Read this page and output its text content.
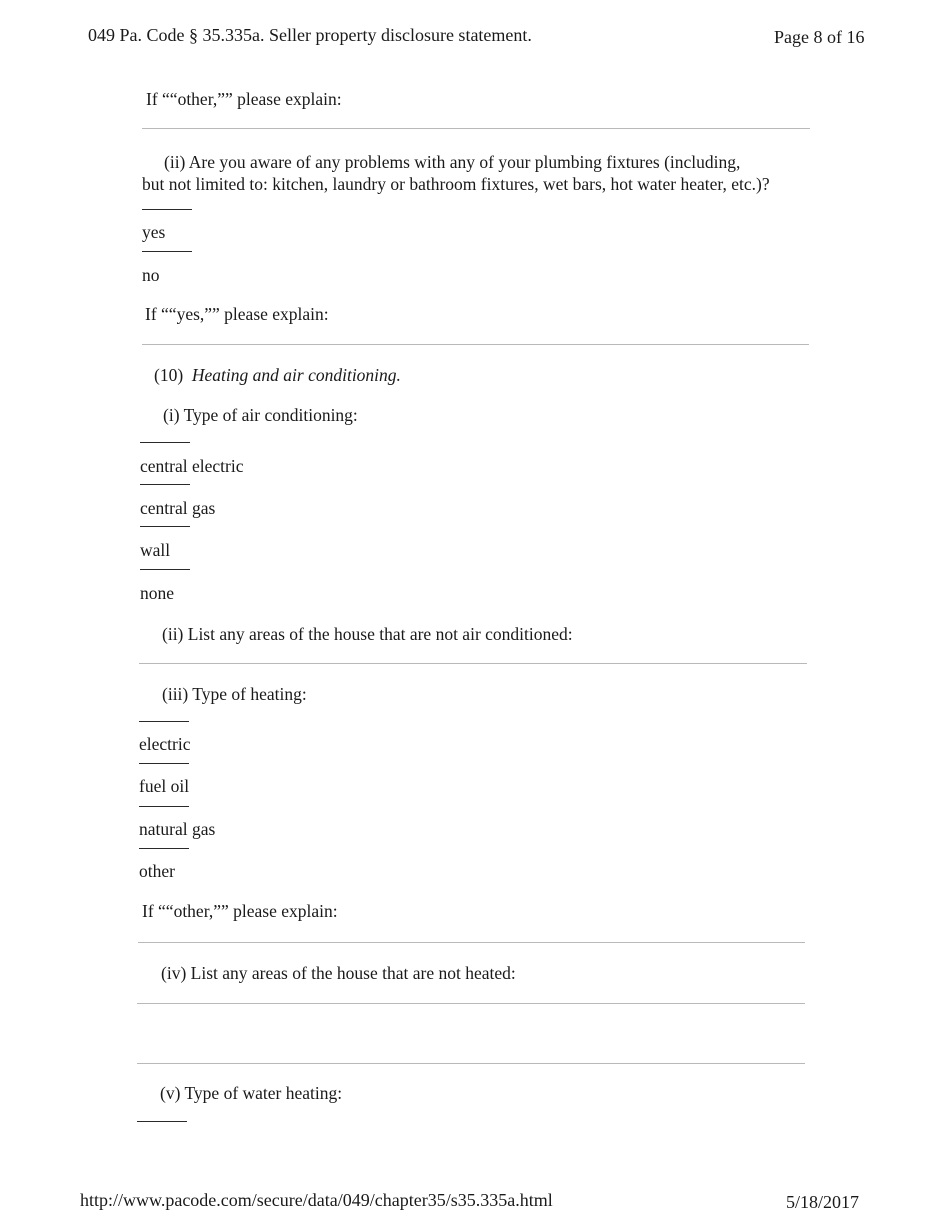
049 Pa. Code § 35.335a. Seller property disclosure statement.	Page 8 of 16
If ““other,”” please explain:
(ii) Are you aware of any problems with any of your plumbing fixtures (including,
but not limited to: kitchen, laundry or bathroom fixtures, wet bars, hot water heater, etc.)?
yes
no
If ““yes,”” please explain:
(10) Heating and air conditioning.
(i) Type of air conditioning:
central electric
central gas
wall
none
(ii) List any areas of the house that are not air conditioned:
(iii) Type of heating:
electric
fuel oil
natural gas
other
If ““other,”” please explain:
(iv) List any areas of the house that are not heated:
(v) Type of water heating:
http://www.pacode.com/secure/data/049/chapter35/s35.335a.html	5/18/2017
